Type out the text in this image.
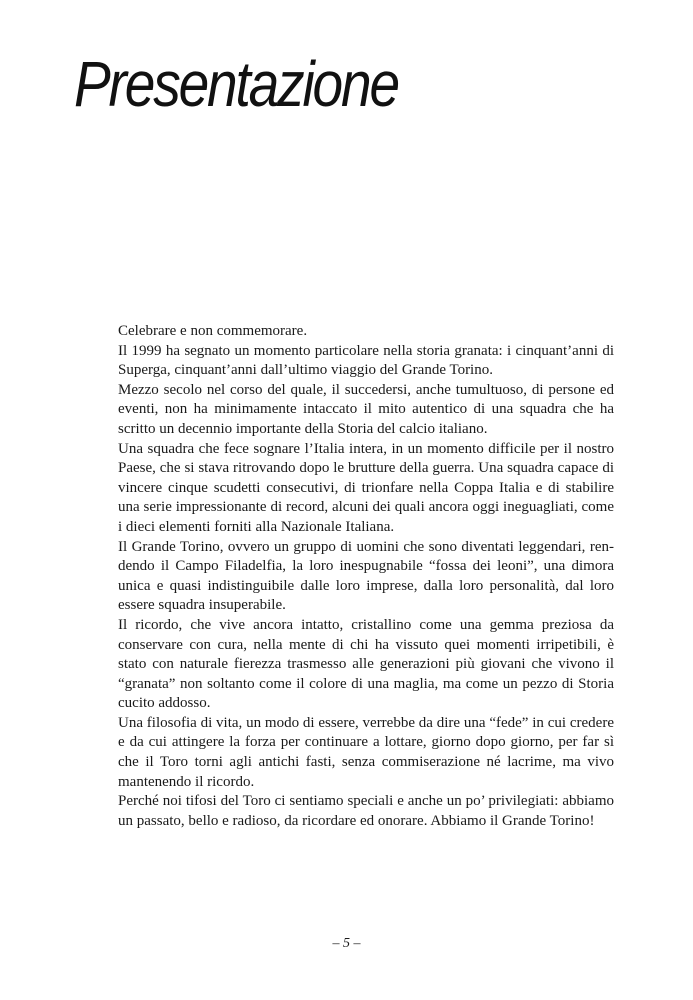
Presentazione

Celebrare e non commemorare.

Il 1999 ha segnato un momento particolare nella storia granata: i cinquant’anni di Superga, cinquant’anni dall’ultimo viaggio del Grande Torino.

Mezzo secolo nel corso del quale, il succedersi, anche tumultuoso, di persone ed eventi, non ha minimamente intaccato il mito autentico di una squadra che ha scritto un decennio importante della Storia del calcio italiano.

Una squadra che fece sognare l’Italia intera, in un momento difficile per il nostro Paese, che si stava ritrovando dopo le brutture della guerra. Una squadra capace di vincere cinque scudetti consecutivi, di trionfare nella Coppa Italia e di stabilire una serie impressionante di record, alcuni dei quali ancora oggi ineguagliati, come i dieci elementi forniti alla Nazionale Italiana.

Il Grande Torino, ovvero un gruppo di uomini che sono diventati leggendari, rendendo il Campo Filadelfia, la loro inespugnabile “fossa dei leoni”, una dimora unica e quasi indistinguibile dalle loro imprese, dalla loro personalità, dal loro essere squadra insuperabile.

Il ricordo, che vive ancora intatto, cristallino come una gemma preziosa da conservare con cura, nella mente di chi ha vissuto quei momenti irripetibili, è stato con naturale fierezza trasmesso alle generazioni più giovani che vivono il “granata” non soltanto come il colore di una maglia, ma come un pezzo di Storia cucito addosso.

Una filosofia di vita, un modo di essere, verrebbe da dire una “fede” in cui credere e da cui attingere la forza per continuare a lottare, giorno dopo giorno, per far sì che il Toro torni agli antichi fasti, senza commiserazione né lacrime, ma vivo mantenendo il ricordo.

Perché noi tifosi del Toro ci sentiamo speciali e anche un po’ privilegiati: abbiamo un passato, bello e radioso, da ricordare ed onorare. Abbiamo il Grande Torino!

– 5 –
